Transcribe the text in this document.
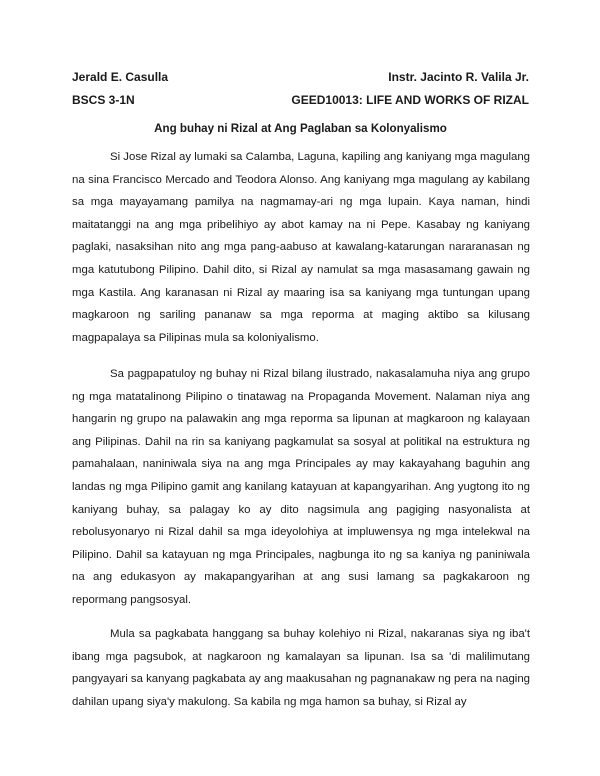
Jerald E. Casulla	Instr. Jacinto R. Valila Jr.
BSCS 3-1N	GEED10013: LIFE AND WORKS OF RIZAL
Ang buhay ni Rizal at Ang Paglaban sa Kolonyalismo

Si Jose Rizal ay lumaki sa Calamba, Laguna, kapiling ang kaniyang mga magulang na sina Francisco Mercado and Teodora Alonso. Ang kaniyang mga magulang ay kabilang sa mga mayayamang pamilya na nagmamay-ari ng mga lupain. Kaya naman, hindi maitatanggi na ang mga pribelihiyo ay abot kamay na ni Pepe. Kasabay ng kaniyang paglaki, nasaksihan nito ang mga pang-aabuso at kawalang-katarungan nararanasan ng mga katutubong Pilipino. Dahil dito, si Rizal ay namulat sa mga masasamang gawain ng mga Kastila. Ang karanasan ni Rizal ay maaring isa sa kaniyang mga tuntungan upang magkaroon ng sariling pananaw sa mga reporma at maging aktibo sa kilusang magpapalaya sa Pilipinas mula sa koloniyalismo.

Sa pagpapatuloy ng buhay ni Rizal bilang ilustrado, nakasalamuha niya ang grupo ng mga matatalinong Pilipino o tinatawag na Propaganda Movement. Nalaman niya ang hangarin ng grupo na palawakin ang mga reporma sa lipunan at magkaroon ng kalayaan ang Pilipinas. Dahil na rin sa kaniyang pagkamulat sa sosyal at politikal na estruktura ng pamahalaan, naniniwala siya na ang mga Principales ay may kakayahang baguhin ang landas ng mga Pilipino gamit ang kanilang katayuan at kapangyarihan. Ang yugtong ito ng kaniyang buhay, sa palagay ko ay dito nagsimula ang pagiging nasyonalista at rebolusyonaryo ni Rizal dahil sa mga ideyolohiya at impluwensya ng mga intelekwal na Pilipino. Dahil sa katayuan ng mga Principales, nagbunga ito ng sa kaniya ng paniniwala na ang edukasyon ay makapangyarihan at ang susi lamang sa pagkakaroon ng repormang pangsosyal.

Mula sa pagkabata hanggang sa buhay kolehiyo ni Rizal, nakaranas siya ng iba't ibang mga pagsubok, at nagkaroon ng kamalayan sa lipunan. Isa sa 'di malilimutang pangyayari sa kanyang pagkabata ay ang maakusahan ng pagnanakaw ng pera na naging dahilan upang siya'y makulong. Sa kabila ng mga hamon sa buhay, si Rizal ay
